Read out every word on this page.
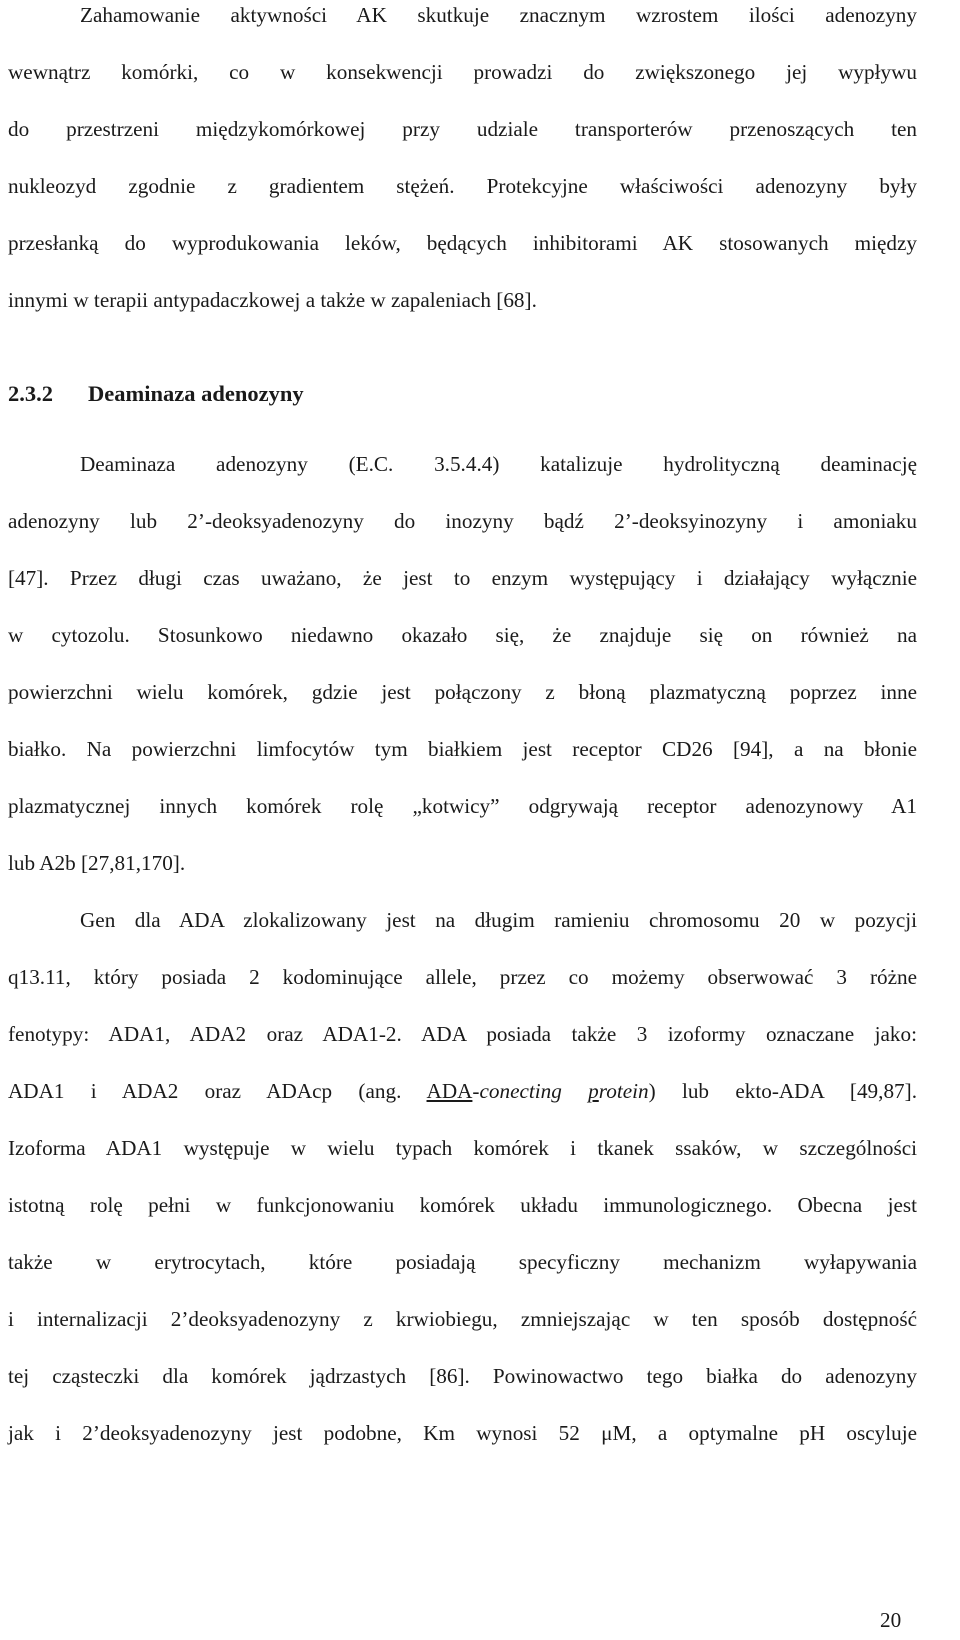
Zahamowanie aktywności AK skutkuje znacznym wzrostem ilości adenozyny
wewnątrz komórki, co w konsekwencji prowadzi do zwiększonego jej wypływu
do przestrzeni międzykomórkowej przy udziale transporterów przenoszących ten
nukleozyd zgodnie z gradientem stężeń. Protekcyjne właściwości adenozyny były
przesłanką do wyprodukowania leków, będących inhibitorami AK stosowanych między
innymi w terapii antypadaczkowej a także w zapaleniach [68].
2.3.2 Deaminaza adenozyny
Deaminaza adenozyny (E.C. 3.5.4.4) katalizuje hydrolityczną deaminację
adenozyny lub 2’-deoksyadenozyny do inozyny bądź 2’-deoksyinozyny i amoniaku
[47]. Przez długi czas uważano, że jest to enzym występujący i działający wyłącznie
w cytozolu. Stosunkowo niedawno okazało się, że znajduje się on również na
powierzchni wielu komórek, gdzie jest połączony z błoną plazmatyczną poprzez inne
białko. Na powierzchni limfocytów tym białkiem jest receptor CD26 [94], a na błonie
plazmatycznej innych komórek rolę „kotwicy” odgrywają receptor adenozynowy A1
lub A2b [27,81,170].
Gen dla ADA zlokalizowany jest na długim ramieniu chromosomu 20 w pozycji
q13.11, który posiada 2 kodominujące allele, przez co możemy obserwować 3 różne
fenotypy: ADA1, ADA2 oraz ADA1-2. ADA posiada także 3 izoformy oznaczane jako:
ADA1 i ADA2 oraz ADAcp (ang. ADA-conecting protein) lub ekto-ADA [49,87].
Izoforma ADA1 występuje w wielu typach komórek i tkanek ssaków, w szczególności
istotną rolę pełni w funkcjonowaniu komórek układu immunologicznego. Obecna jest
także w erytrocytach, które posiadają specyficzny mechanizm wyłapywania
i internalizacji 2’deoksyadenozyny z krwiobiegu, zmniejszając w ten sposób dostępność
tej cząsteczki dla komórek jądrzastych [86]. Powinowactwo tego białka do adenozyny
jak i 2’deoksyadenozyny jest podobne, Km wynosi 52 μM, a optymalne pH oscyluje
20
